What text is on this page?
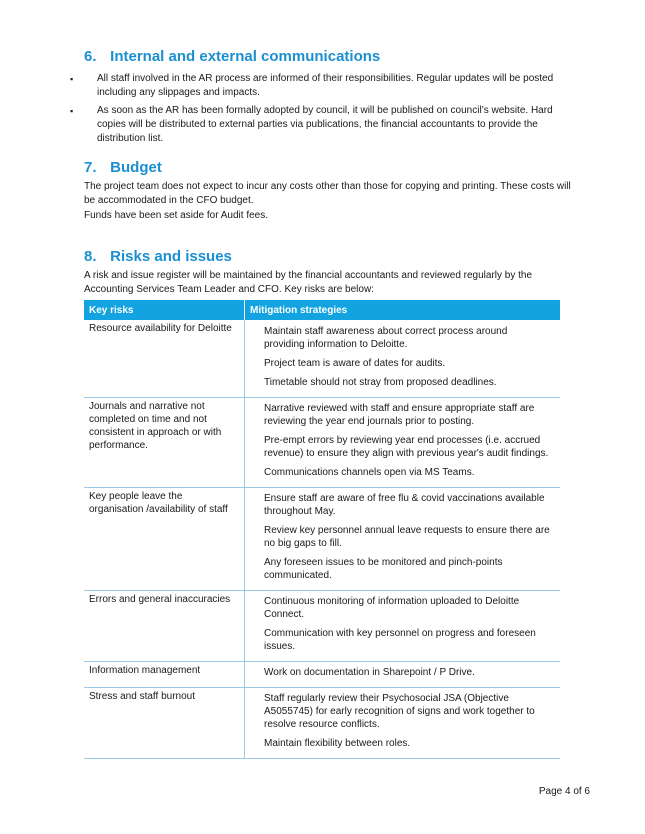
6. Internal and external communications
▪ All staff involved in the AR process are informed of their responsibilities. Regular updates will be posted including any slippages and impacts.
▪ As soon as the AR has been formally adopted by council, it will be published on council’s website. Hard copies will be distributed to external parties via publications, the financial accountants to provide the distribution list.
7. Budget
The project team does not expect to incur any costs other than those for copying and printing. These costs will be accommodated in the CFO budget.
Funds have been set aside for Audit fees.
8. Risks and issues
A risk and issue register will be maintained by the financial accountants and reviewed regularly by the Accounting Services Team Leader and CFO. Key risks are below:
Key risks	Mitigation strategies
Resource availability for Deloitte	Maintain staff awareness about correct process around providing information to Deloitte.
Project team is aware of dates for audits.
Timetable should not stray from proposed deadlines.

Journals and narrative not completed on time and not consistent in approach or with performance.	Narrative reviewed with staff and ensure appropriate staff are reviewing the year end journals prior to posting.
Pre-empt errors by reviewing year end processes (i.e. accrued revenue) to ensure they align with previous year's audit findings.
Communications channels open via MS Teams.

Key people leave the organisation /availability of staff	Ensure staff are aware of free flu & covid vaccinations available throughout May.
Review key personnel annual leave requests to ensure there are no big gaps to fill.
Any foreseen issues to be monitored and pinch-points communicated.

Errors and general inaccuracies	Continuous monitoring of information uploaded to Deloitte Connect.
Communication with key personnel on progress and foreseen issues.

Information management	Work on documentation in Sharepoint / P Drive.

Stress and staff burnout	Staff regularly review their Psychosocial JSA (Objective A5055745) for early recognition of signs and work together to resolve resource conflicts.
Maintain flexibility between roles.
Page 4 of 6
